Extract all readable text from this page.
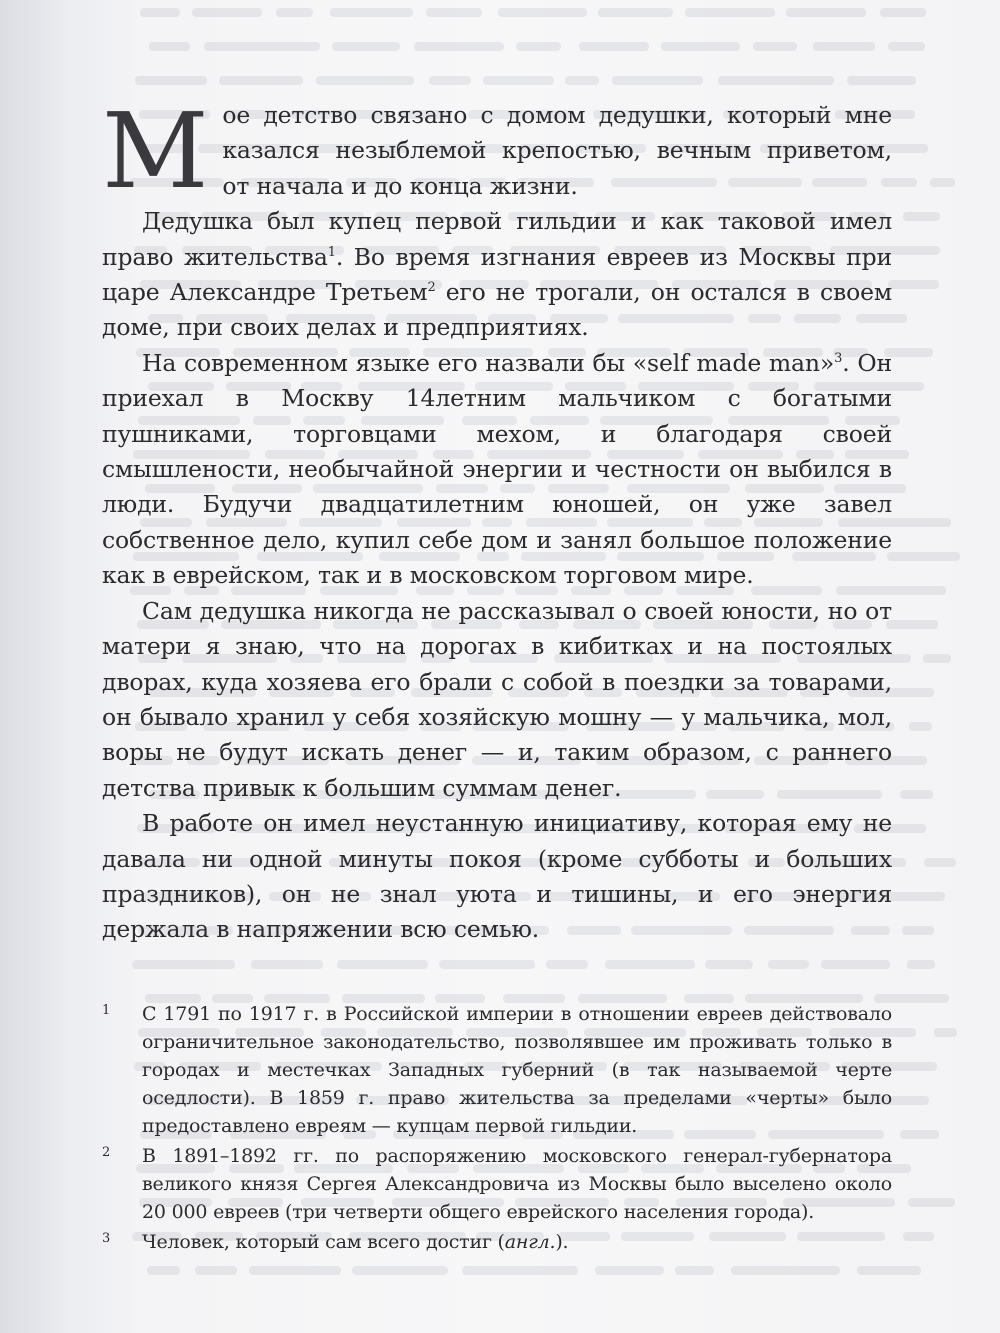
Мое детство связано с домом дедушки, который мне казался незыблемой крепостью, вечным приветом, от начала и до конца жизни.

Дедушка был купец первой гильдии и как таковой имел право жительства$^1$. Во время изгнания евреев из Москвы при царе Александре Третьем$^2$ его не трогали, он остался в своем доме, при своих делах и предприятиях.

На современном языке его назвали бы «self made man»$^3$. Он приехал в Москву 14летним мальчиком с богатыми пушниками, торговцами мехом, и благодаря своей смышлености, необычайной энергии и честности он выбился в люди. Будучи двадцатилетним юношей, он уже завел собственное дело, купил себе дом и занял большое положение как в еврейском, так и в московском торговом мире.

Сам дедушка никогда не рассказывал о своей юности, но от матери я знаю, что на дорогах в кибитках и на постоялых дворах, куда хозяева его брали с собой в поездки за товарами, он бывало хранил у себя хозяйскую мошну — у мальчика, мол, воры не будут искать денег — и, таким образом, с раннего детства привык к большим суммам денег.

В работе он имел неустанную инициативу, которая ему не давала ни одной минуты покоя (кроме субботы и больших праздников), он не знал уюта и тишины, и его энергия держала в напряжении всю семью.

1 С 1791 по 1917 г. в Российской империи в отношении евреев действовало ограничительное законодательство, позволявшее им проживать только в городах и местечках Западных губерний (в так называемой черте оседлости). В 1859 г. право жительства за пределами «черты» было предоставлено евреям — купцам первой гильдии.

2 В 1891–1892 гг. по распоряжению московского генерал-губернатора великого князя Сергея Александровича из Москвы было выселено около 20 000 евреев (три четверти общего еврейского населения города).

3 Человек, который сам всего достиг (англ.).
